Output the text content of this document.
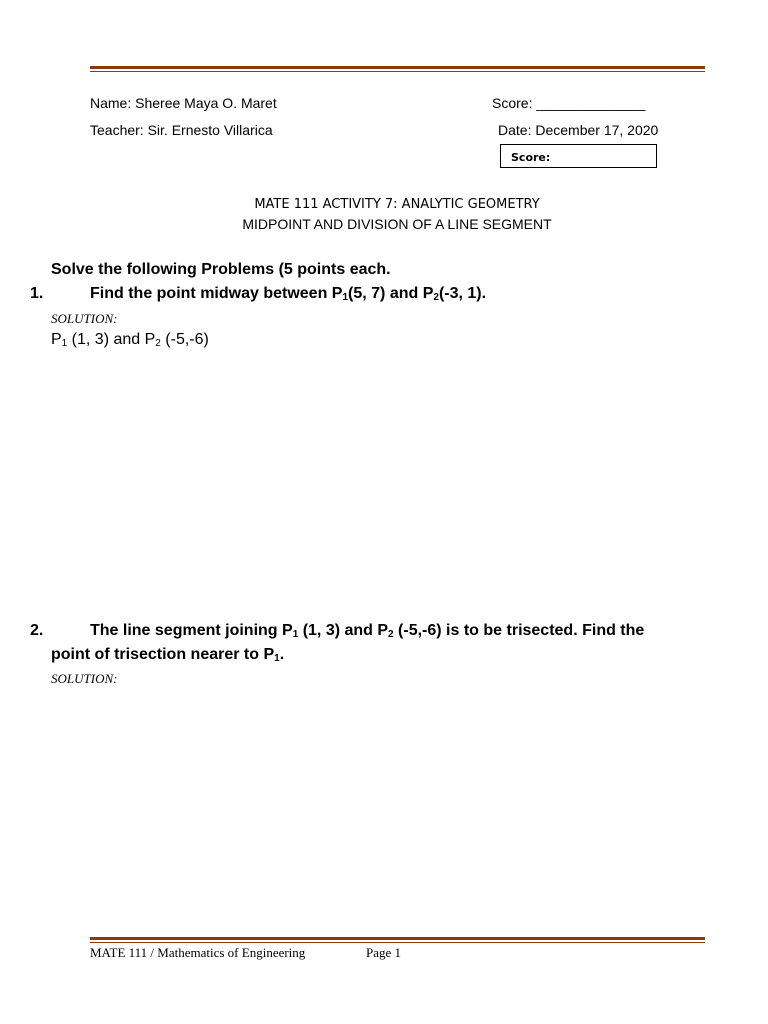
Name: Sheree Maya O. Maret	Score: ______________
Teacher: Sir. Ernesto Villarica	Date: December 17, 2020
Score:
MATE 111 ACTIVITY 7: ANALYTIC GEOMETRY
MIDPOINT AND DIVISION OF A LINE SEGMENT
Solve the following Problems (5 points each.
1.	Find the point midway between $P_1(5$, 7) and $P_2(-3$, 1).
SOLUTION:
$P_1$ (1, 3) and $P_2$ (-5,-6)
2.	The line segment joining $P_1$ (1, 3) and $P_2$ (-5,-6) is to be trisected. Find the
point of trisection nearer to $P_1$.
SOLUTION:
MATE 111 / Mathematics of Engineering	Page 1
